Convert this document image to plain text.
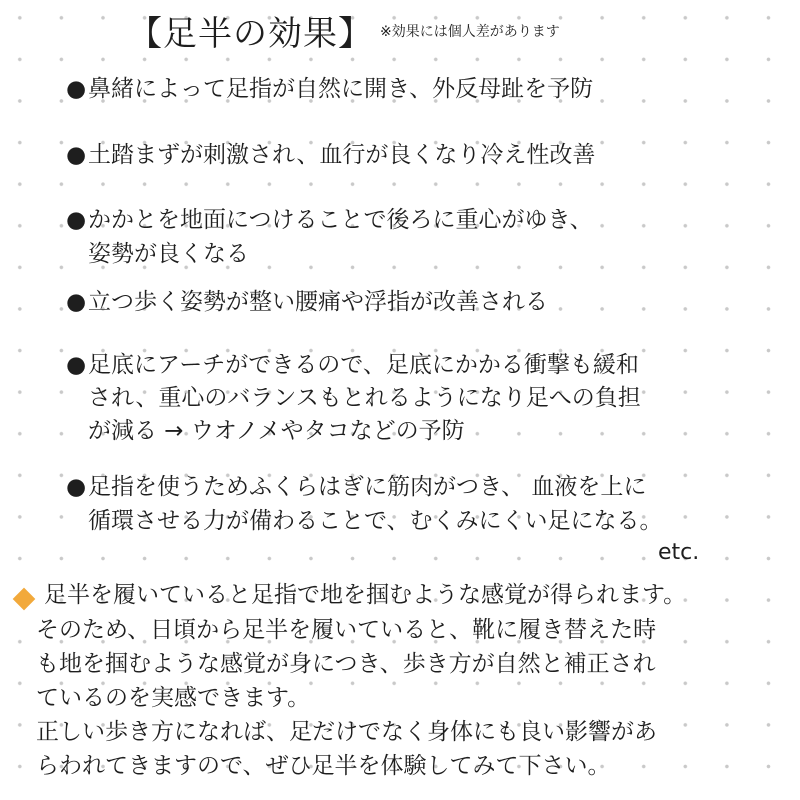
【足半の効果】 ※効果には個人差があります
●鼻緒によって足指が自然に開き、外反母趾を予防
●土踏まずが刺激され、血行が良くなり冷え性改善
●かかとを地面につけることで後ろに重心がゆき、
姿勢が良くなる
●立つ歩く姿勢が整い腰痛や浮指が改善される
●足底にアーチができるので、足底にかかる衝撃も緩和
され、重心のバランスもとれるようになり足への負担
が減る → ウオノメやタコなどの予防
●足指を使うためふくらはぎに筋肉がつき、 血液を上に
循環させる力が備わることで、むくみにくい足になる。
etc.
足半を履いていると足指で地を掴むような感覚が得られます。
そのため、日頃から足半を履いていると、靴に履き替えた時
も地を掴むような感覚が身につき、歩き方が自然と補正され
ているのを実感できます。
正しい歩き方になれば、足だけでなく身体にも良い影響があ
らわれてきますので、ぜひ足半を体験してみて下さい。
